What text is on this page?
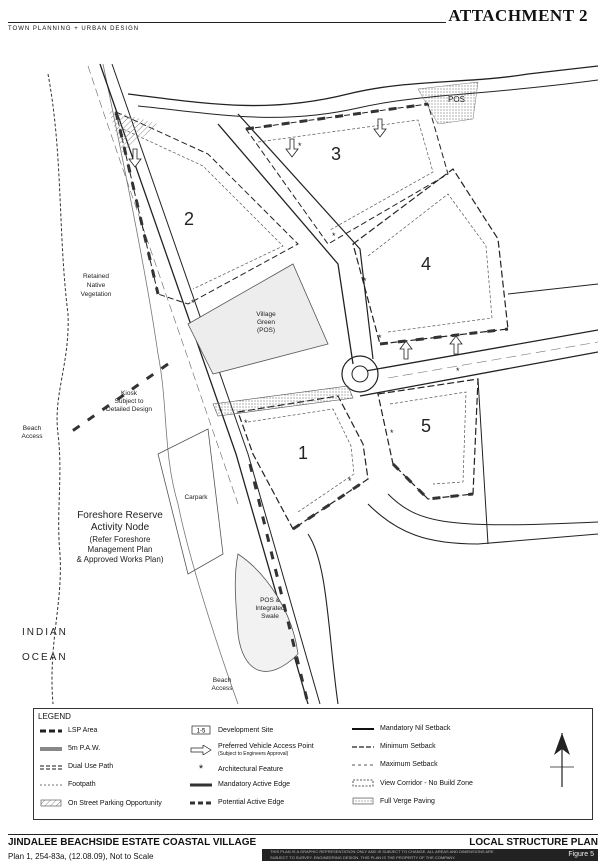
ATTACHMENT 2
TOWN PLANNING + URBAN DESIGN
*
*
*
*
*
*
*
*
*
1
2
3
4
5
POS
Retained
Native
Vegetation
Village
Green
(POS)
Kiosk
Subject to
Detailed Design
Beach
Access
Carpark
POS &
Integrated
Swale
Beach
Access
Foreshore Reserve
Activity Node
(Refer Foreshore
Management Plan
& Approved Works Plan)
INDIAN
OCEAN
LEGEND
LSP Area
5m P.A.W.
Dual Use Path
Footpath
On Street Parking Opportunity
1-5 Development Site
Preferred Vehicle Access Point
(Subject to Engineers Approval)
*	Architectural Feature
Mandatory Active Edge
Potential Active Edge
Mandatory Nil Setback
Minimum Setback
Maximum Setback
View Corridor - No Build Zone
Full Verge Paving
JINDALEE BEACHSIDE ESTATE COASTAL VILLAGE
Plan 1, 254-83a, (12.08.09), Not to Scale
LOCAL STRUCTURE PLAN
THIS PLAN IS A GRAPHIC REPRESENTATION ONLY AND IS SUBJECT TO CHANGE. ALL AREAS AND DIMENSIONS ARE SUBJECT TO SURVEY. ENGINEERING DESIGN. THIS PLAN IS THE PROPERTY OF THE COMPANY.	Figure 5
